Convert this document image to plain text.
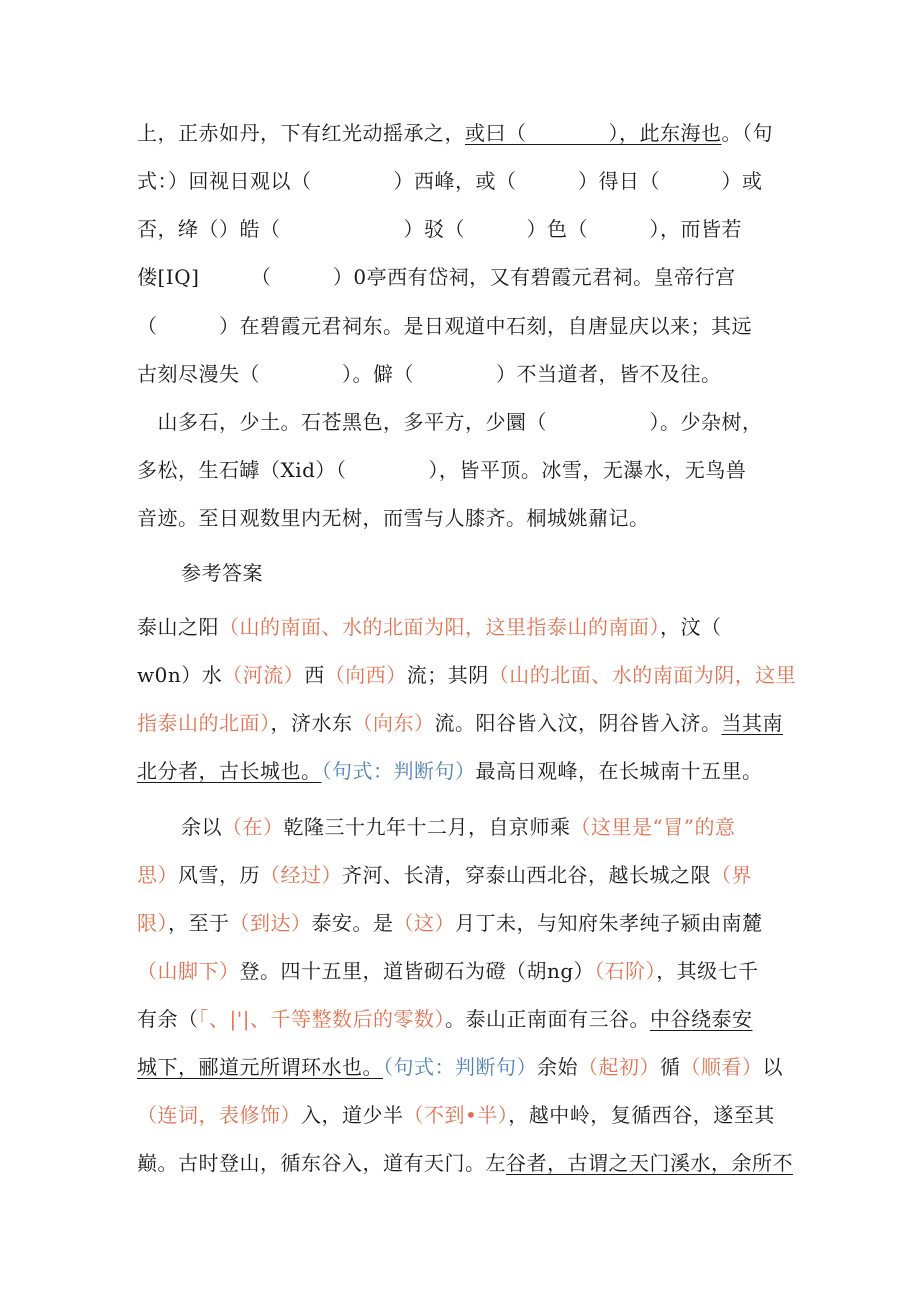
上，正赤如丹，下有红光动摇承之，或曰（　　　　），此东海也。（句
式：）回视日观以（　　　　）西峰，或（　　　）得日（　　　）或
否，绛（）皓（　　　　　　）驳（　　　）色（　　　），而皆若
偻[IQ]　　　（　　　）0亭西有岱祠，又有碧霞元君祠。皇帝行宫
（　　　）在碧霞元君祠东。是日观道中石刻，自唐显庆以来；其远
古刻尽漫失（　　　　）。僻（　　　　）不当道者，皆不及往。
　山多石，少土。石苍黑色，多平方，少圜（　　　　　）。少杂树，
多松，生石罅（Xid）（　　　　），皆平顶。冰雪，无瀑水，无鸟兽
音迹。至日观数里内无树，而雪与人膝齐。桐城姚鼐记。
参考答案
泰山之阳（山的南面、水的北面为阳，这里指泰山的南面），汶（
w0n）水（河流）西（向西）流；其阴（山的北面、水的南面为阴，这里
指泰山的北面），济水东（向东）流。阳谷皆入汶，阴谷皆入济。当其南
北分者，古长城也。（句式：判断句）最高日观峰，在长城南十五里。
余以（在）乾隆三十九年十二月，自京师乘（这里是“冒”的意
思）风雪，历（经过）齐河、长清，穿泰山西北谷，越长城之限（界
限），至于（到达）泰安。是（这）月丁未，与知府朱孝纯子颍由南麓
（山脚下）登。四十五里，道皆砌石为磴（胡ng）（石阶），其级七千
有余（「、|'|、千等整数后的零数）。泰山正南面有三谷。中谷绕泰安
城下，郦道元所谓环水也。（句式：判断句）余始（起初）循（顺看）以
（连词，表修饰）入，道少半（不到•半），越中岭，复循西谷，遂至其
巅。古时登山，循东谷入，道有天门。左谷者，古谓之天门溪水，余所不
